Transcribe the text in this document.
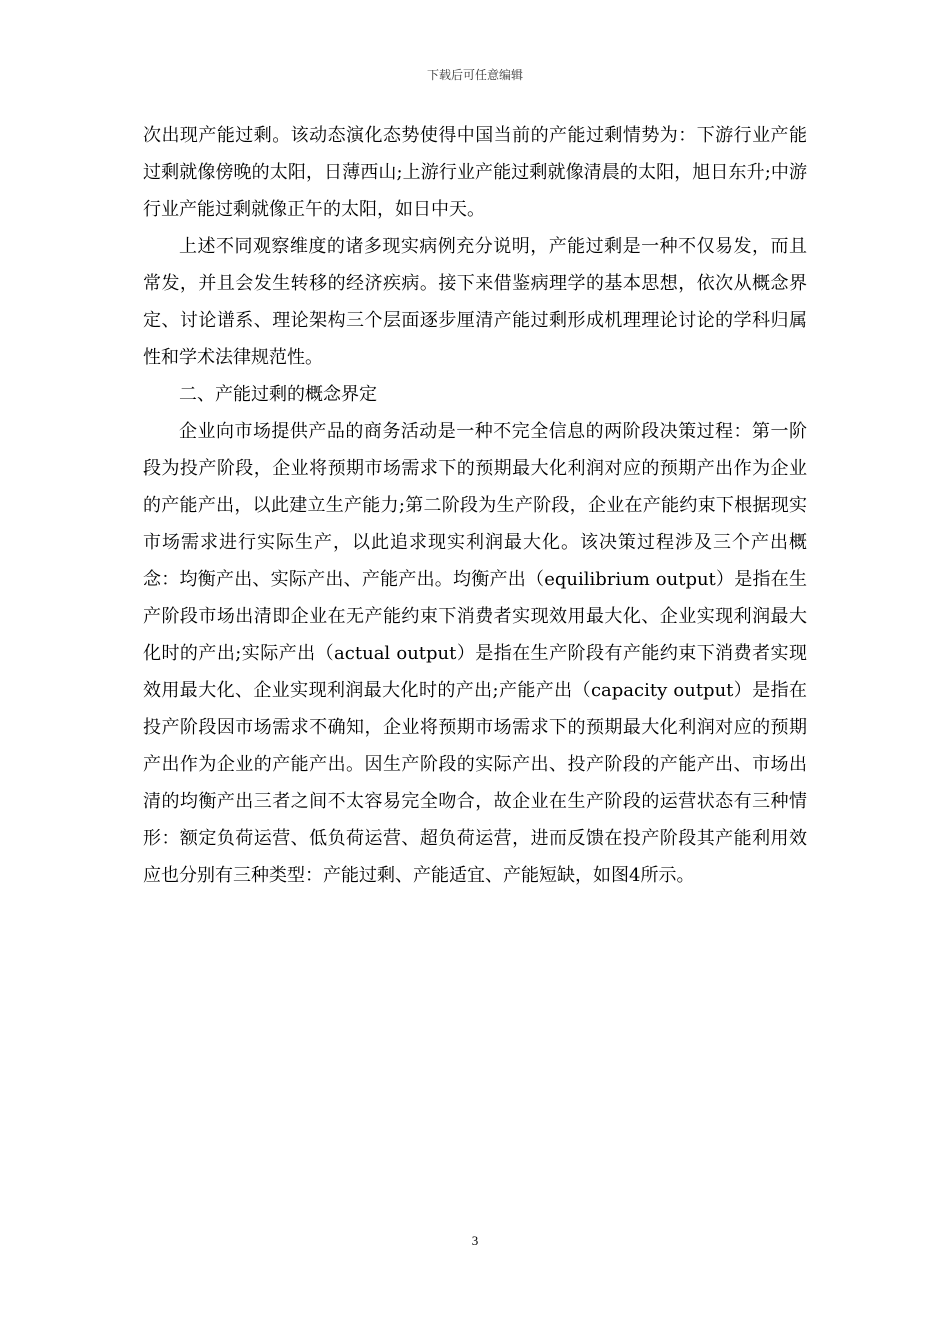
下载后可任意编辑

次出现产能过剩。该动态演化态势使得中国当前的产能过剩情势为：下游行业产能过剩就像傍晚的太阳，日薄西山;上游行业产能过剩就像清晨的太阳，旭日东升;中游行业产能过剩就像正午的太阳，如日中天。

上述不同观察维度的诸多现实病例充分说明，产能过剩是一种不仅易发，而且常发，并且会发生转移的经济疾病。接下来借鉴病理学的基本思想，依次从概念界定、讨论谱系、理论架构三个层面逐步厘清产能过剩形成机理理论讨论的学科归属性和学术法律规范性。

二、产能过剩的概念界定

企业向市场提供产品的商务活动是一种不完全信息的两阶段决策过程：第一阶段为投产阶段，企业将预期市场需求下的预期最大化利润对应的预期产出作为企业的产能产出，以此建立生产能力;第二阶段为生产阶段，企业在产能约束下根据现实市场需求进行实际生产，以此追求现实利润最大化。该决策过程涉及三个产出概念：均衡产出、实际产出、产能产出。均衡产出（equilibrium output）是指在生产阶段市场出清即企业在无产能约束下消费者实现效用最大化、企业实现利润最大化时的产出;实际产出（actual output）是指在生产阶段有产能约束下消费者实现效用最大化、企业实现利润最大化时的产出;产能产出（capacity output）是指在投产阶段因市场需求不确知，企业将预期市场需求下的预期最大化利润对应的预期产出作为企业的产能产出。因生产阶段的实际产出、投产阶段的产能产出、市场出清的均衡产出三者之间不太容易完全吻合，故企业在生产阶段的运营状态有三种情形：额定负荷运营、低负荷运营、超负荷运营，进而反馈在投产阶段其产能利用效应也分别有三种类型：产能过剩、产能适宜、产能短缺，如图4所示。

3
